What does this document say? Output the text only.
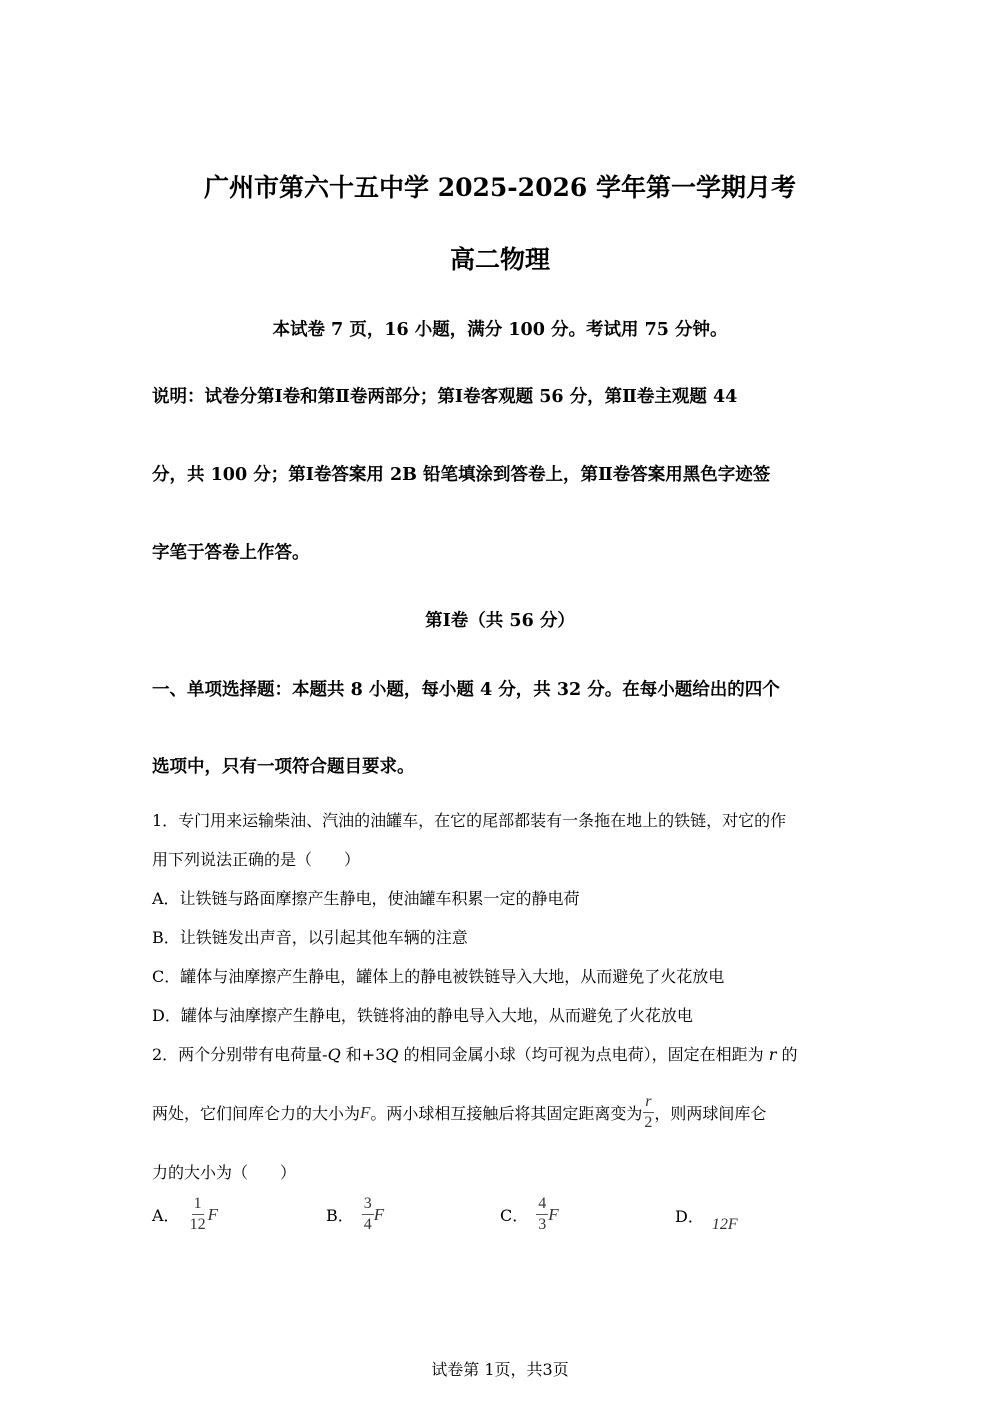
广州市第六十五中学 2025-2026 学年第一学期月考
高二物理
本试卷 7 页，16 小题，满分 100 分。考试用 75 分钟。
说明：试卷分第Ⅰ卷和第Ⅱ卷两部分；第Ⅰ卷客观题 56 分，第Ⅱ卷主观题 44
分，共 100 分；第Ⅰ卷答案用 2B 铅笔填涂到答卷上，第Ⅱ卷答案用黑色字迹签
字笔于答卷上作答。
第Ⅰ卷（共 56 分）
一、单项选择题：本题共 8 小题，每小题 4 分，共 32 分。在每小题给出的四个
选项中，只有一项符合题目要求。
1．专门用来运输柴油、汽油的油罐车，在它的尾部都装有一条拖在地上的铁链，对它的作
用下列说法正确的是（　　）
A．让铁链与路面摩擦产生静电，使油罐车积累一定的静电荷
B．让铁链发出声音，以引起其他车辆的注意
C．罐体与油摩擦产生静电，罐体上的静电被铁链导入大地，从而避免了火花放电
D．罐体与油摩擦产生静电，铁链将油的静电导入大地，从而避免了火花放电
2．两个分别带有电荷量-Q 和+3Q 的相同金属小球（均可视为点电荷），固定在相距为 r 的
两处，它们间库仑力的大小为 F 。两小球相互接触后将其固定距离变为 $\frac{r}{2}$ ，则两球间库仑
力的大小为（　　）
A． $\frac{1}{12}$ F	B． $\frac{3}{4}$ F	C． $\frac{4}{3}$ F	D． 12F
试卷第 1页，共3页
